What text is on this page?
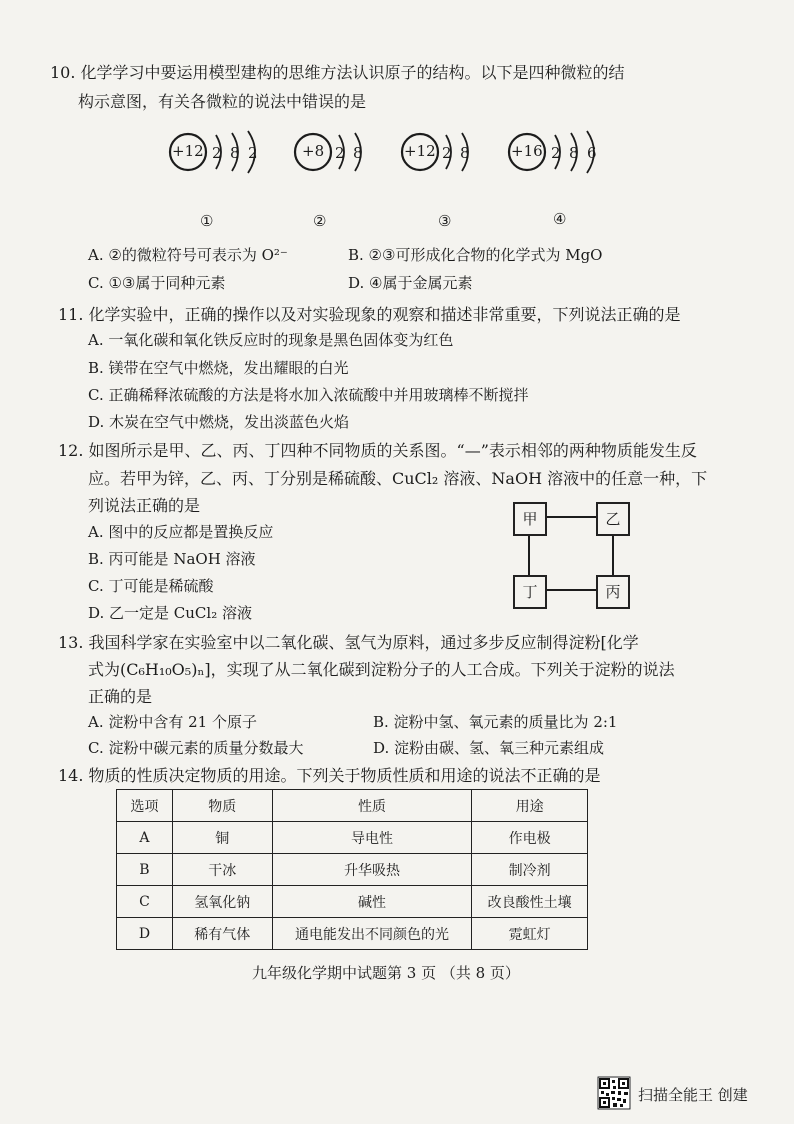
10. 化学学习中要运用模型建构的思维方法认识原子的结构。以下是四种微粒的结
构示意图，有关各微粒的说法中错误的是
+12 2 8 2	+8 2 8	+12 2 8	+16 2 8 6
①	②	③	④
A. ②的微粒符号可表示为 O²⁻	B. ②③可形成化合物的化学式为 MgO
C. ①③属于同种元素	D. ④属于金属元素
11. 化学实验中，正确的操作以及对实验现象的观察和描述非常重要，下列说法正确的是
A. 一氧化碳和氧化铁反应时的现象是黑色固体变为红色
B. 镁带在空气中燃烧，发出耀眼的白光
C. 正确稀释浓硫酸的方法是将水加入浓硫酸中并用玻璃棒不断搅拌
D. 木炭在空气中燃烧，发出淡蓝色火焰
12. 如图所示是甲、乙、丙、丁四种不同物质的关系图。“—”表示相邻的两种物质能发生反
应。若甲为锌，乙、丙、丁分别是稀硫酸、CuCl₂ 溶液、NaOH 溶液中的任意一种，下
列说法正确的是
A. 图中的反应都是置换反应
B. 丙可能是 NaOH 溶液
C. 丁可能是稀硫酸
D. 乙一定是 CuCl₂ 溶液
甲	乙
丁	丙
13. 我国科学家在实验室中以二氧化碳、氢气为原料，通过多步反应制得淀粉[化学
式为(C₆H₁₀O₅)ₙ]，实现了从二氧化碳到淀粉分子的人工合成。下列关于淀粉的说法
正确的是
A. 淀粉中含有 21 个原子	B. 淀粉中氢、氧元素的质量比为 2:1
C. 淀粉中碳元素的质量分数最大	D. 淀粉由碳、氢、氧三种元素组成
14. 物质的性质决定物质的用途。下列关于物质性质和用途的说法不正确的是
选项	物质	性质	用途
A	铜	导电性	作电极
B	干冰	升华吸热	制冷剂
C	氢氧化钠	碱性	改良酸性土壤
D	稀有气体	通电能发出不同颜色的光	霓虹灯
九年级化学期中试题第 3 页 （共 8 页）
扫描全能王 创建
